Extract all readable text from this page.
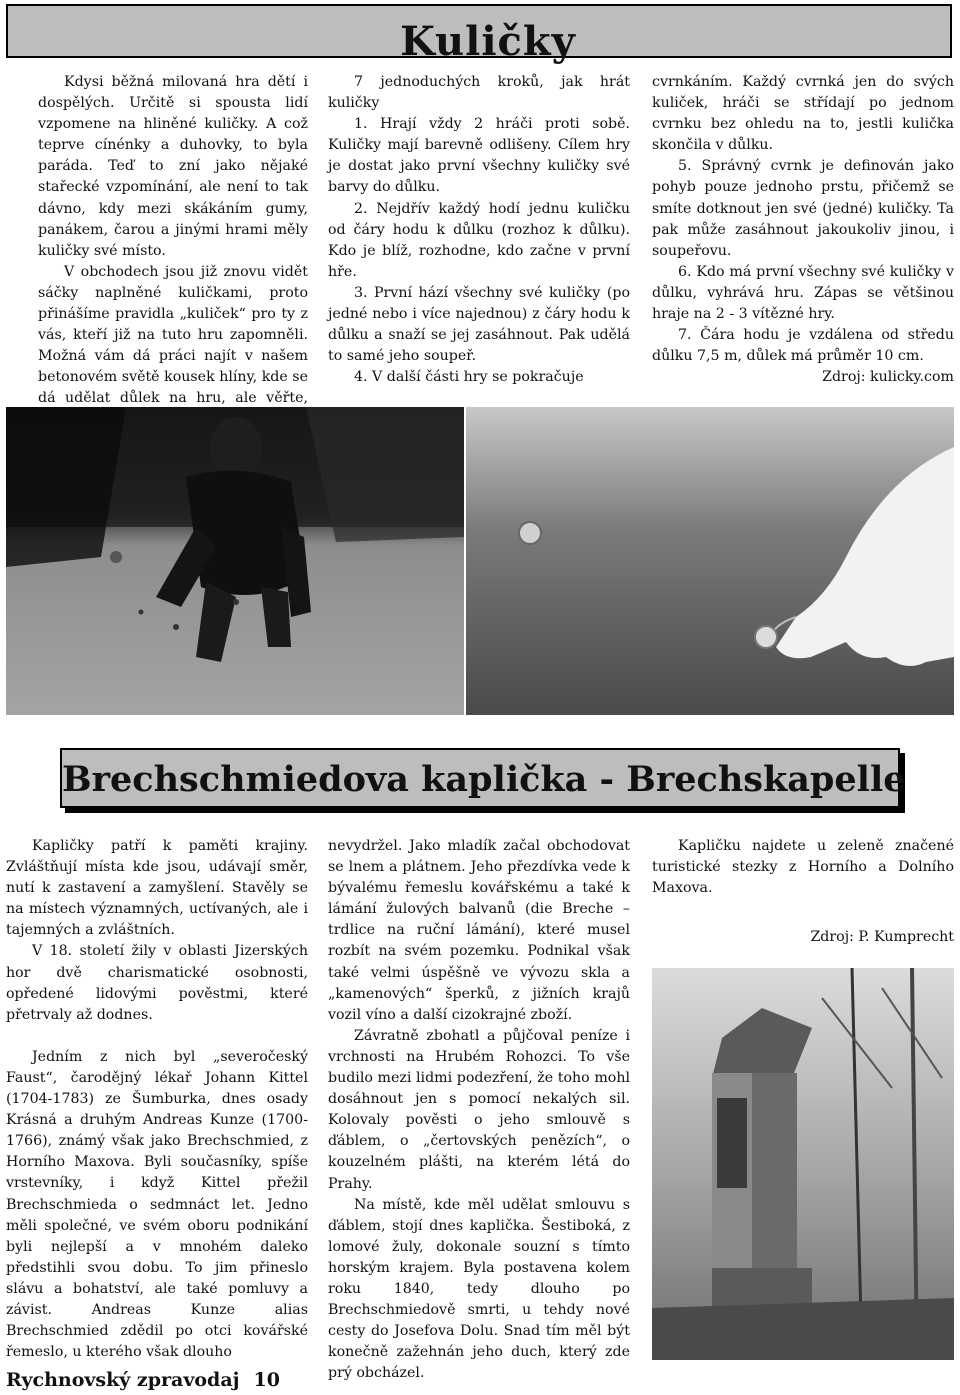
Kuličky

Kdysi běžná milovaná hra dětí i dospělých. Určitě si spousta lidí vzpomene na hliněné kuličky. A což teprve cínénky a duhovky, to byla paráda. Teď to zní jako nějaké stařecké vzpomínání, ale není to tak dávno, kdy mezi skákáním gumy, panákem, čarou a jinými hrami měly kuličky své místo.

V obchodech jsou již znovu vidět sáčky naplněné kuličkami, proto přinášíme pravidla „kuliček“ pro ty z vás, kteří již na tuto hru zapomněli. Možná vám dá práci najít v našem betonovém světě kousek hlíny, kde se dá udělat důlek na hru, ale věřte,

7 jednoduchých kroků, jak hrát kuličky

1. Hrají vždy 2 hráči proti sobě. Kuličky mají barevně odlišeny. Cílem hry je dostat jako první všechny kuličky své barvy do důlku.

2. Nejdřív každý hodí jednu kuličku od čáry hodu k důlku (rozhoz k důlku). Kdo je blíž, rozhodne, kdo začne v první hře.

3. První hází všechny své kuličky (po jedné nebo i více najednou) z čáry hodu k důlku a snaží se jej zasáhnout. Pak udělá to samé jeho soupeř.

4. V další části hry se pokračuje

cvrnkáním. Každý cvrnká jen do svých kuliček, hráči se střídají po jednom cvrnku bez ohledu na to, jestli kulička skončila v důlku.

5. Správný cvrnk je definován jako pohyb pouze jednoho prstu, přičemž se smíte dotknout jen své (jedné) kuličky. Ta pak může zasáhnout jakoukoliv jinou, i soupeřovu.

6. Kdo má první všechny své kuličky v důlku, vyhrává hru. Zápas se většinou hraje na 2 - 3 vítězné hry.

7. Čára hodu je vzdálena od středu důlku 7,5 m, důlek má průměr 10 cm.

Zdroj: kulicky.com

Brechschmiedova kaplička - Brechskapelle

Kapličky patří k paměti krajiny. Zvláštňují místa kde jsou, udávají směr, nutí k zastavení a zamyšlení. Stavěly se na místech významných, uctívaných, ale i tajemných a zvláštních.

V 18. století žily v oblasti Jizerských hor dvě charismatické osobnosti, opředené lidovými pověstmi, které přetrvaly až dodnes.

Jedním z nich byl „severočeský Faust“, čarodějný lékař Johann Kittel (1704-1783) ze Šumburka, dnes osady Krásná a druhým Andreas Kunze (1700-1766), známý však jako Brechschmied, z Horního Maxova. Byli současníky, spíše vrstevníky, i když Kittel přežil Brechschmieda o sedmnáct let. Jedno měli společné, ve svém oboru podnikání byli nejlepší a v mnohém daleko předstihli svou dobu. To jim přineslo slávu a bohatství, ale také pomluvy a závist. Andreas Kunze alias Brechschmied zdědil po otci kovářské řemeslo, u kterého však dlouho

nevydržel. Jako mladík začal obchodovat se lnem a plátnem. Jeho přezdívka vede k bývalému řemeslu kovářskému a také k lámání žulových balvanů (die Breche – trdlice na ruční lámání), které musel rozbít na svém pozemku. Podnikal však také velmi úspěšně ve vývozu skla a „kamenových“ šperků, z jižních krajů vozil víno a další cizokrajné zboží.

Závratně zbohatl a půjčoval peníze i vrchnosti na Hrubém Rohozci. To vše budilo mezi lidmi podezření, že toho mohl dosáhnout jen s pomocí nekalých sil. Kolovaly pověsti o jeho smlouvě s ďáblem, o „čertovských penězích“, o kouzelném plášti, na kterém létá do Prahy.

Na místě, kde měl udělat smlouvu s ďáblem, stojí dnes kaplička. Šestiboká, z lomové žuly, dokonale souzní s tímto horským krajem. Byla postavena kolem roku 1840, tedy dlouho po Brechschmiedově smrti, u tehdy nové cesty do Josefova Dolu. Snad tím měl být konečně zažehnán jeho duch, který zde prý obcházel.

Kapličku najdete u zeleně značené turistické stezky z Horního a Dolního Maxova.

Zdroj: P. Kumprecht

Rychnovský zpravodaj 10
